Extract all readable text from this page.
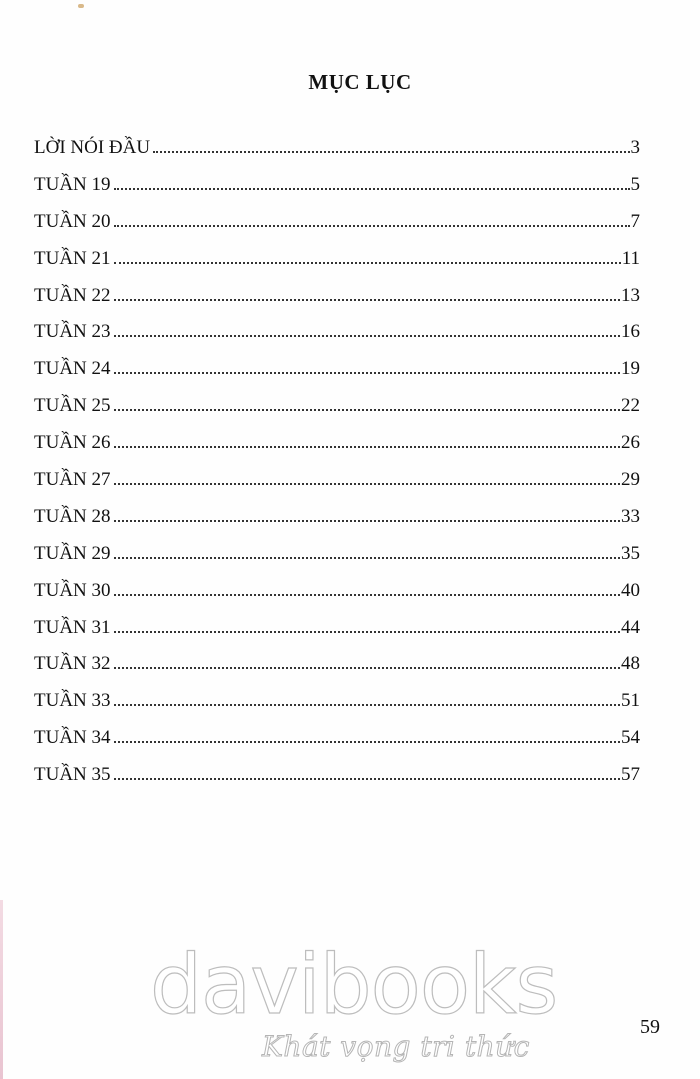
MỤC LỤC
LỜI NÓI ĐẦU	3
TUẦN 19	5
TUẦN 20	7
TUẦN 21	11
TUẦN 22	13
TUẦN 23	16
TUẦN 24	19
TUẦN 25	22
TUẦN 26	26
TUẦN 27	29
TUẦN 28	33
TUẦN 29	35
TUẦN 30	40
TUẦN 31	44
TUẦN 32	48
TUẦN 33	51
TUẦN 34	54
TUẦN 35	57
davibooks
Khát vọng tri thức
59
